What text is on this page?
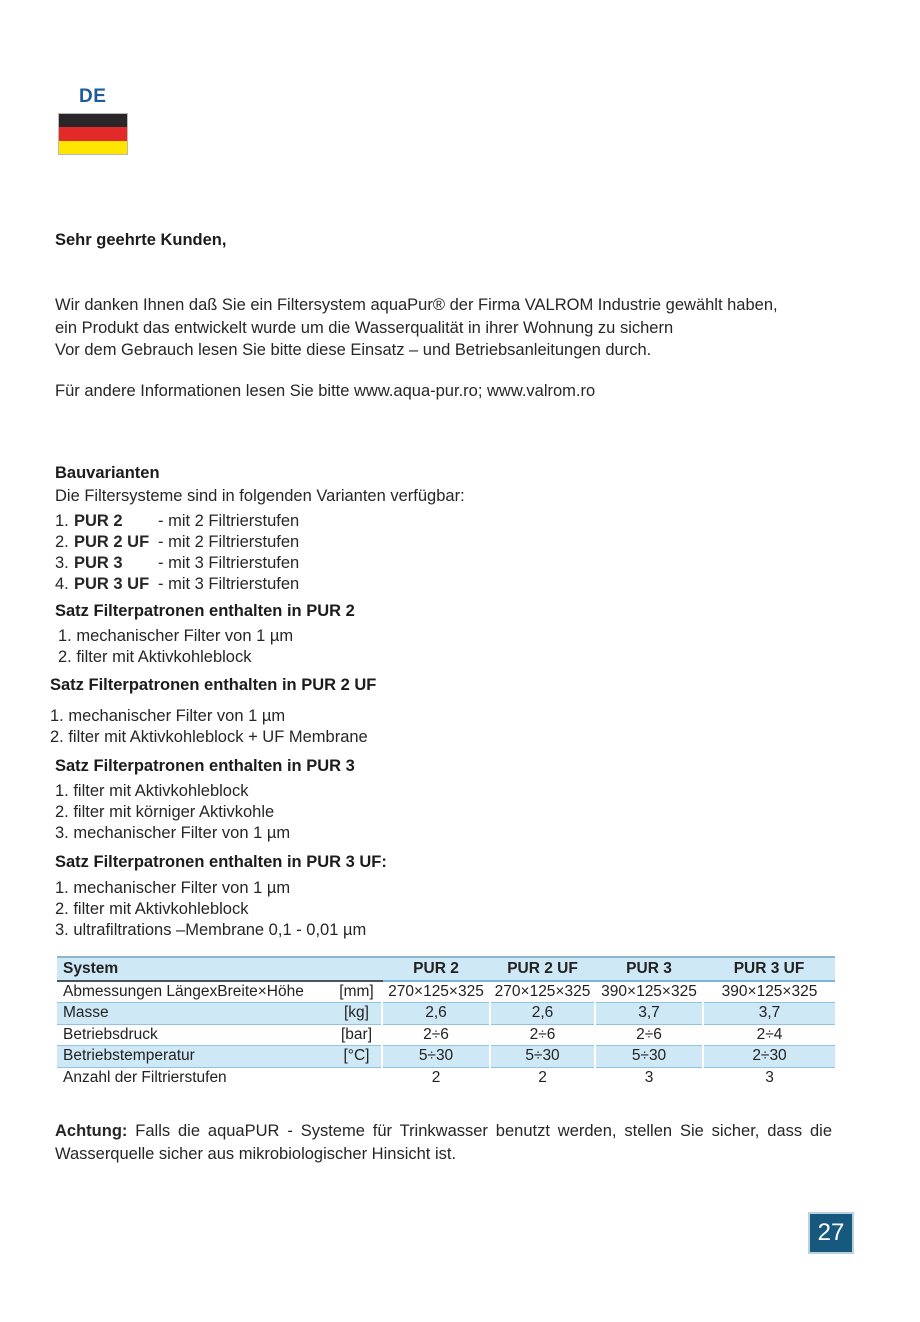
DE
Sehr geehrte Kunden,
Wir danken Ihnen daß Sie ein Filtersystem aquaPur® der Firma VALROM Industrie gewählt haben,
ein Produkt das entwickelt wurde um die Wasserqualität in ihrer Wohnung zu sichern
Vor dem Gebrauch lesen Sie bitte diese Einsatz – und Betriebsanleitungen durch.
Für andere Informationen lesen Sie bitte www.aqua-pur.ro; www.valrom.ro
Bauvarianten
Die Filtersysteme sind in folgenden Varianten verfügbar:
1. PUR 2 - mit 2 Filtrierstufen
2. PUR 2 UF - mit 2 Filtrierstufen
3. PUR 3 - mit 3 Filtrierstufen
4. PUR 3 UF - mit 3 Filtrierstufen
Satz Filterpatronen enthalten in PUR 2
1. mechanischer Filter von 1 µm
2. filter mit Aktivkohleblock
Satz Filterpatronen enthalten in PUR 2 UF
1. mechanischer Filter von 1 µm
2. filter mit Aktivkohleblock + UF Membrane
Satz Filterpatronen enthalten in PUR 3
1. filter mit Aktivkohleblock
2. filter mit körniger Aktivkohle
3. mechanischer Filter von 1 µm
Satz Filterpatronen enthalten in PUR 3 UF:
1. mechanischer Filter von 1 µm
2. filter mit Aktivkohleblock
3. ultrafiltrations –Membrane 0,1 - 0,01 µm
System		PUR 2	PUR 2 UF	PUR 3	PUR 3 UF
Abmessungen LängexBreite×Höhe	[mm]	270×125×325	270×125×325	390×125×325	390×125×325
Masse	[kg]	2,6	2,6	3,7	3,7
Betriebsdruck	[bar]	2÷6	2÷6	2÷6	2÷4
Betriebstemperatur	[°C]	5÷30	5÷30	5÷30	2÷30
Anzahl der Filtrierstufen		2	2	3	3
Achtung: Falls die aquaPUR - Systeme für Trinkwasser benutzt werden, stellen Sie sicher, dass die
Wasserquelle sicher aus mikrobiologischer Hinsicht ist.
27
